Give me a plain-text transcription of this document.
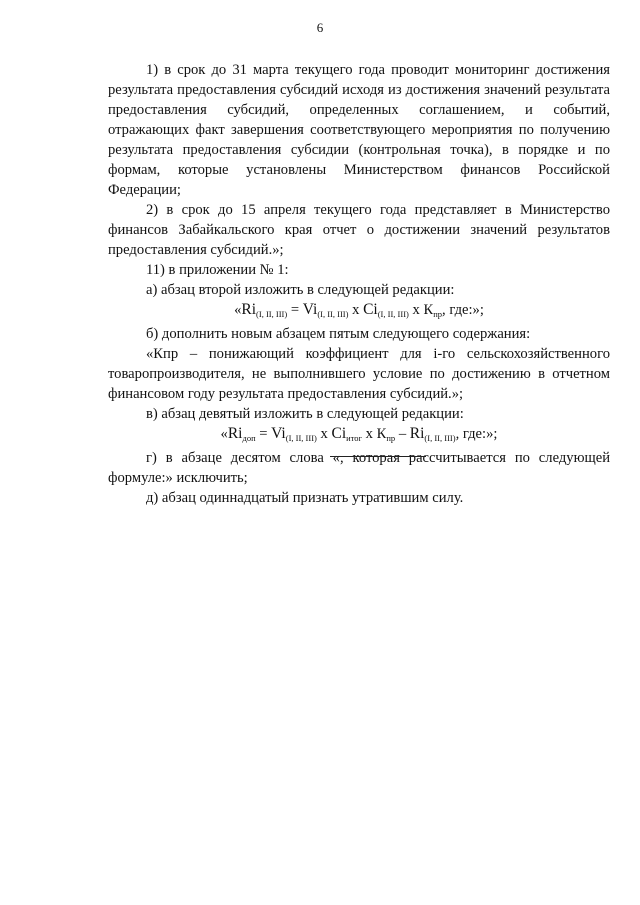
6

1) в срок до 31 марта текущего года проводит мониторинг достижения результата предоставления субсидий исходя из достижения значений результата предоставления субсидий, определенных соглашением, и событий, отражающих факт завершения соответствующего мероприятия по получению результата предоставления субсидии (контрольная точка), в порядке и по формам, которые установлены Министерством финансов Российской Федерации;

2) в срок до 15 апреля текущего года представляет в Министерство финансов Забайкальского края отчет о достижении значений результатов предоставления субсидий.»;

11) в приложении № 1:

а) абзац второй изложить в следующей редакции:

«$Ri_{(I, II, III)} = Vi_{(I, II, III)}$ x $Ci_{(I, II, III)}$ x $К_{пр}$, где:»;

б) дополнить новым абзацем пятым следующего содержания:

«Кпр – понижающий коэффициент для i-го сельскохозяйственного товаропроизводителя, не выполнившего условие по достижению в отчетном финансовом году результата предоставления субсидий.»;

в) абзац девятый изложить в следующей редакции:

«$Ri_{доп} = Vi_{(I, II, III)}$ x $Ci_{итог}$ x $К_{пр} - Ri_{(I, II, III)}$, где:»;

г) в абзаце десятом слова «, которая рассчитывается по следующей формуле:» исключить;

д) абзац одиннадцатый признать утратившим силу.
